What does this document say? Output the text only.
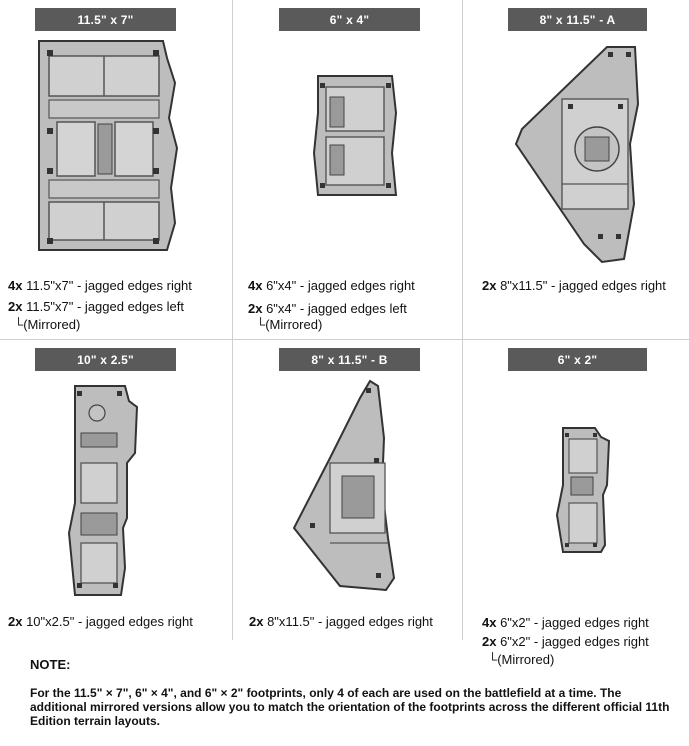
11.5" x 7"
4x 11.5"x7" - jagged edges right
2x 11.5"x7" - jagged edges left
└(Mirrored)
6" x 4"
4x 6"x4" - jagged edges right
2x 6"x4" - jagged edges left
└(Mirrored)
8" x 11.5" - A
2x 8"x11.5" - jagged edges right
10" x 2.5"
2x 10"x2.5" - jagged edges right
8" x 11.5" - B
2x 8"x11.5" - jagged edges right
6" x 2"
4x 6"x2" - jagged edges right
2x 6"x2" - jagged edges right
└(Mirrored)
NOTE:
For the 11.5" × 7", 6" × 4", and 6" × 2" footprints, only 4 of each are used on the battlefield at a time. The additional mirrored versions allow you to match the orientation of the footprints across the different official 11th Edition terrain layouts.
